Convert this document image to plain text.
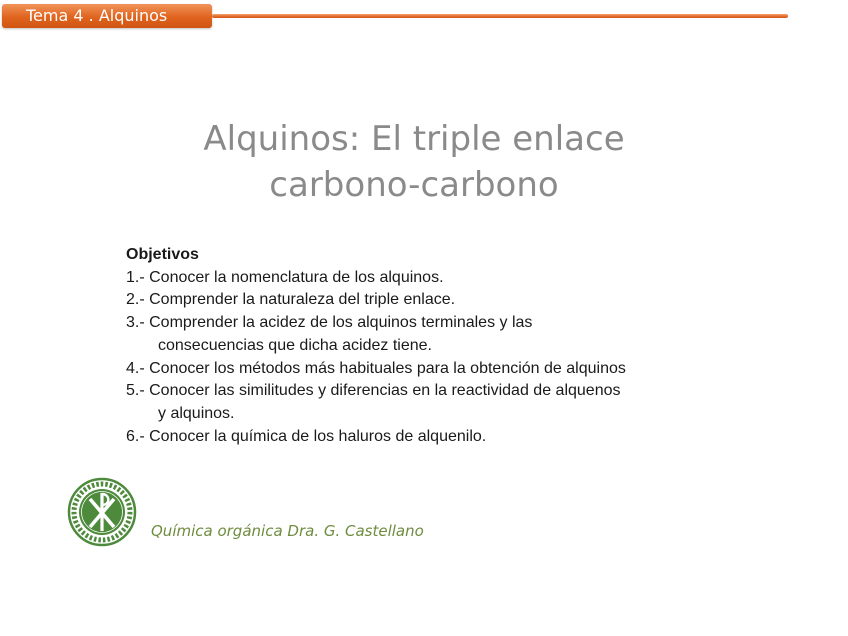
Tema 4 . Alquinos
Alquinos: El triple enlace
carbono-carbono
Objetivos
1.- Conocer la nomenclatura de los alquinos.
2.- Comprender la naturaleza del triple enlace.
3.- Comprender la acidez de los alquinos terminales y las
consecuencias que dicha acidez tiene.
4.- Conocer los métodos más habituales para la obtención de alquinos
5.- Conocer las similitudes y diferencias en la reactividad de alquenos
y alquinos.
6.- Conocer la química de los haluros de alquenilo.
Química orgánica Dra. G. Castellano
